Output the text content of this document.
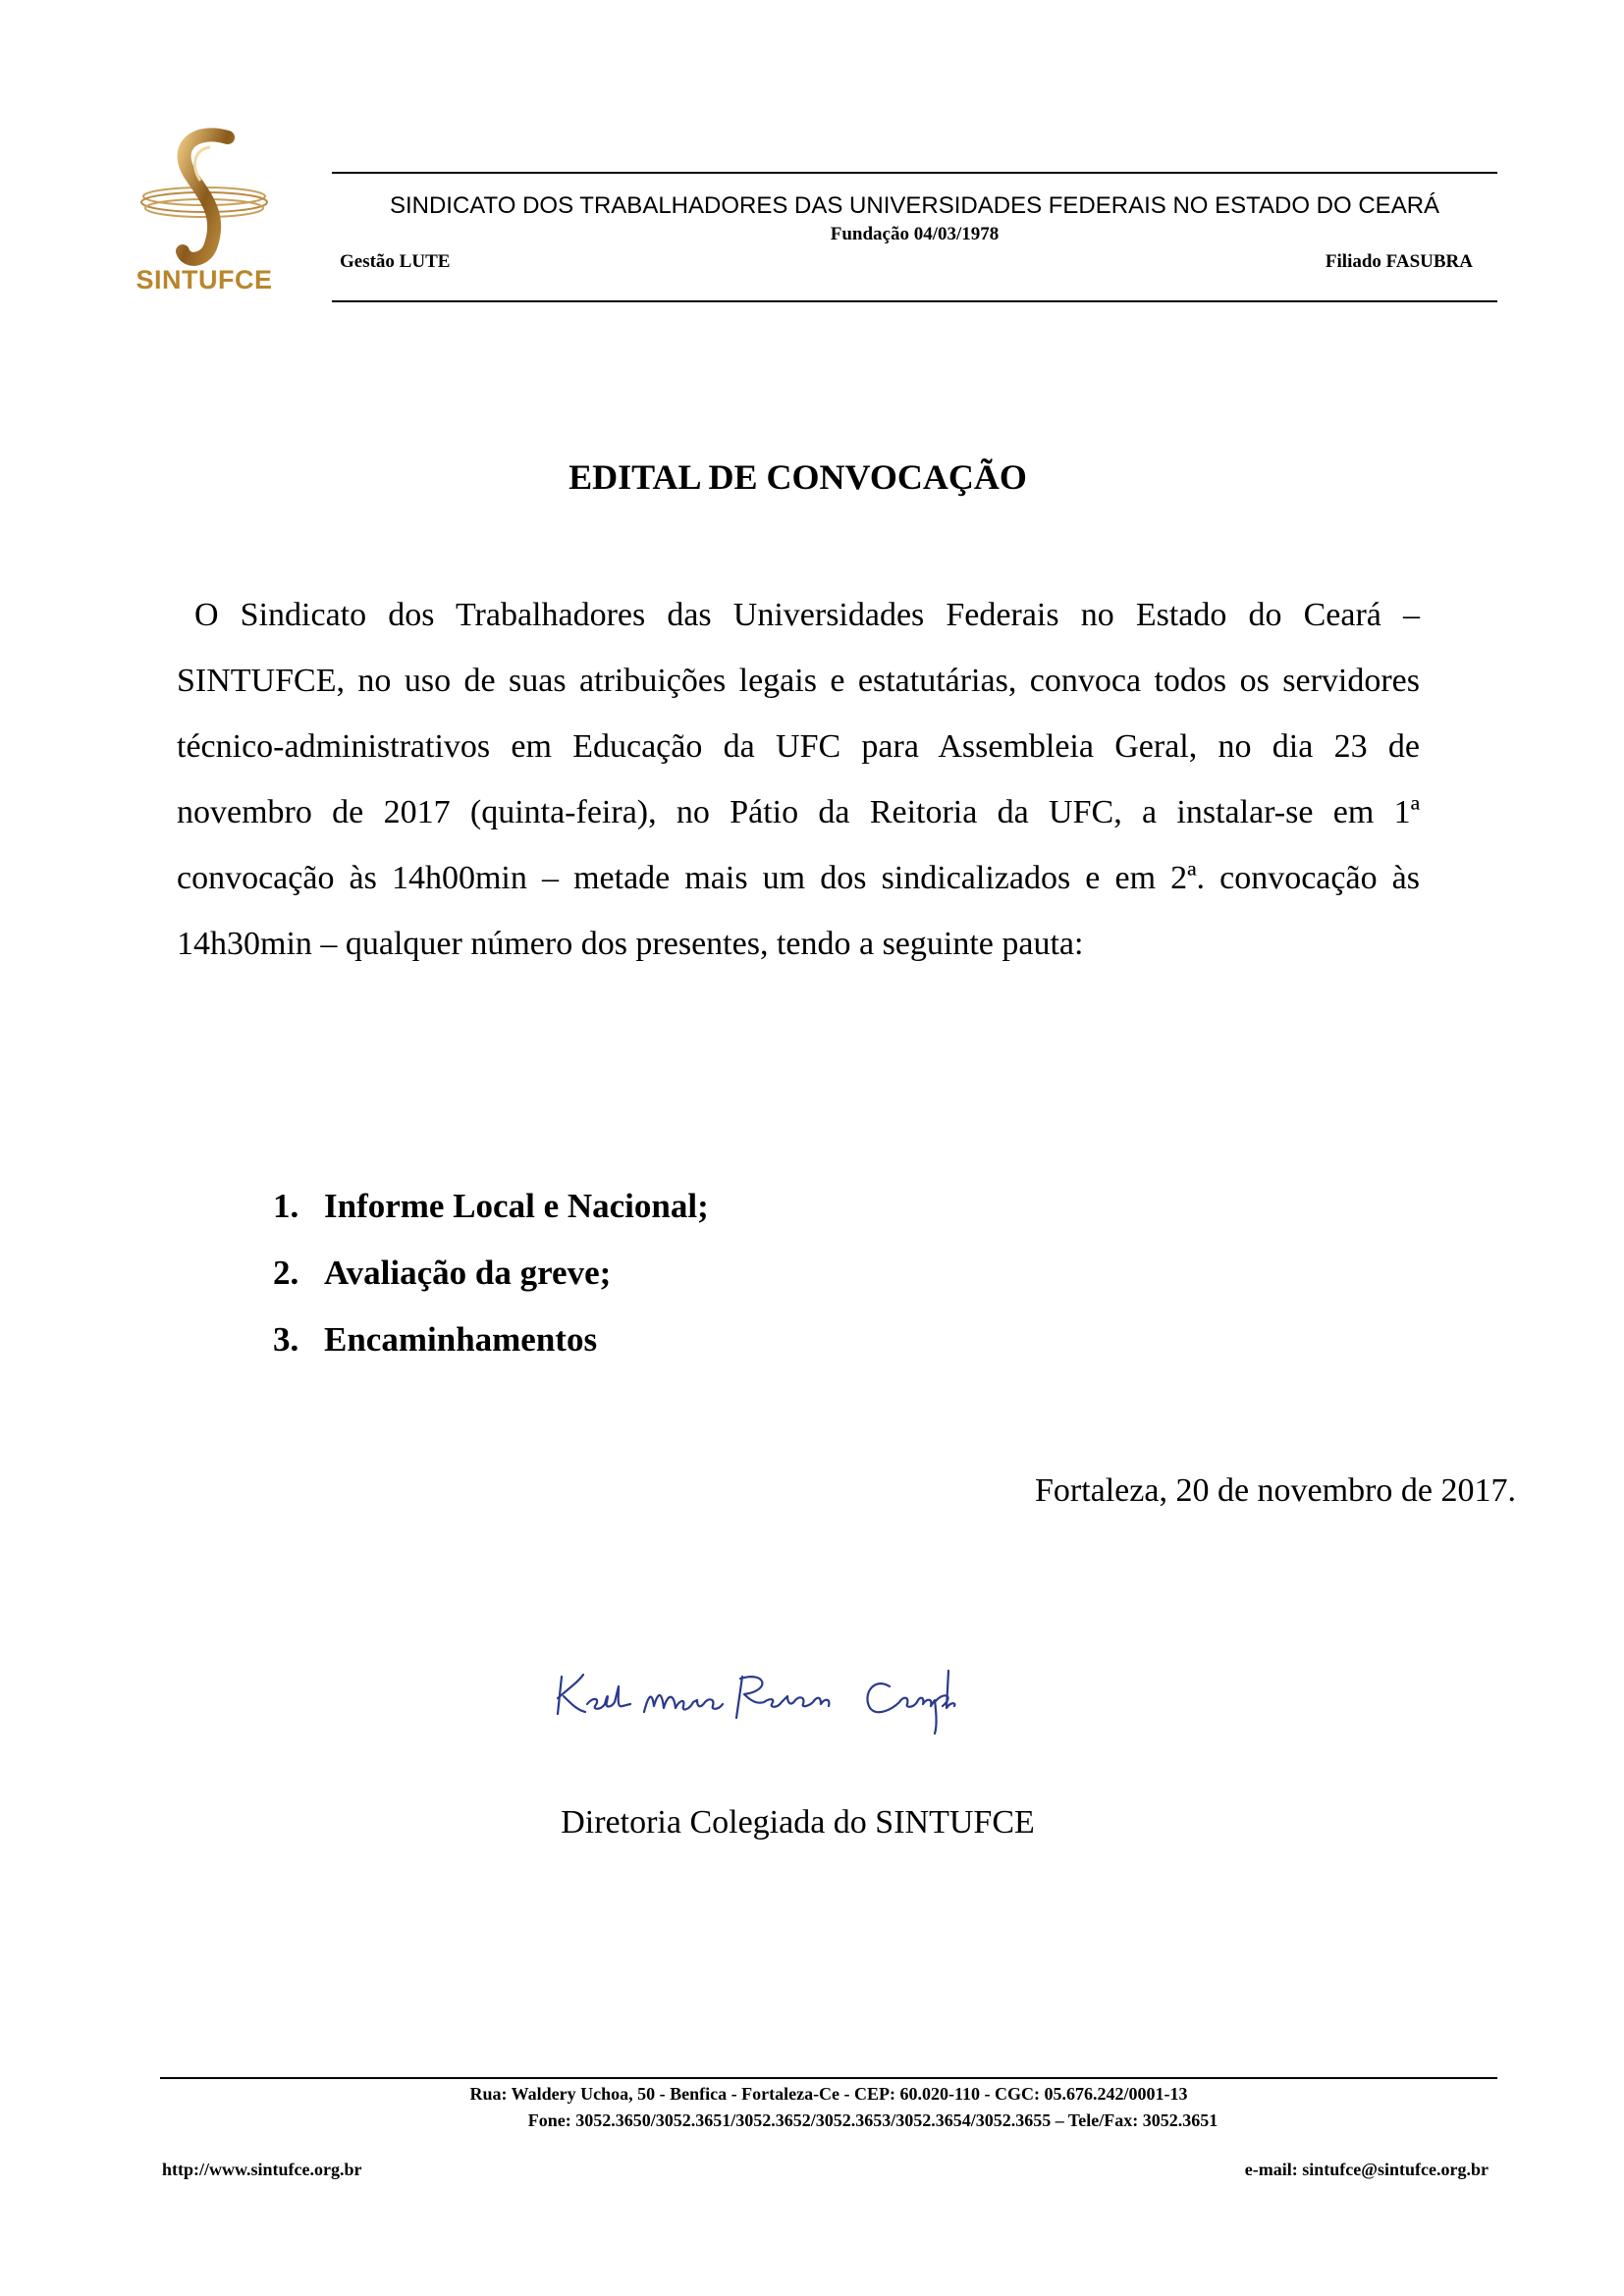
SINTUFCE
SINDICATO DOS TRABALHADORES DAS UNIVERSIDADES FEDERAIS NO ESTADO DO CEARÁ
Fundação 04/03/1978
Gestão LUTE	Filiado FASUBRA
EDITAL DE CONVOCAÇÃO
O Sindicato dos Trabalhadores das Universidades Federais no Estado do Ceará – SINTUFCE, no uso de suas atribuições legais e estatutárias, convoca todos os servidores técnico-administrativos em Educação da UFC para Assembleia Geral, no dia 23 de novembro de 2017 (quinta-feira), no Pátio da Reitoria da UFC, a instalar-se em 1ª convocação às 14h00min – metade mais um dos sindicalizados e em 2ª. convocação às 14h30min – qualquer número dos presentes, tendo a seguinte pauta:
1. Informe Local e Nacional;
2. Avaliação da greve;
3. Encaminhamentos
Fortaleza, 20 de novembro de 2017.
Diretoria Colegiada do SINTUFCE
Rua: Waldery Uchoa, 50 - Benfica - Fortaleza-Ce - CEP: 60.020-110 - CGC: 05.676.242/0001-13
Fone: 3052.3650/3052.3651/3052.3652/3052.3653/3052.3654/3052.3655 – Tele/Fax: 3052.3651
http://www.sintufce.org.br	e-mail: sintufce@sintufce.org.br
